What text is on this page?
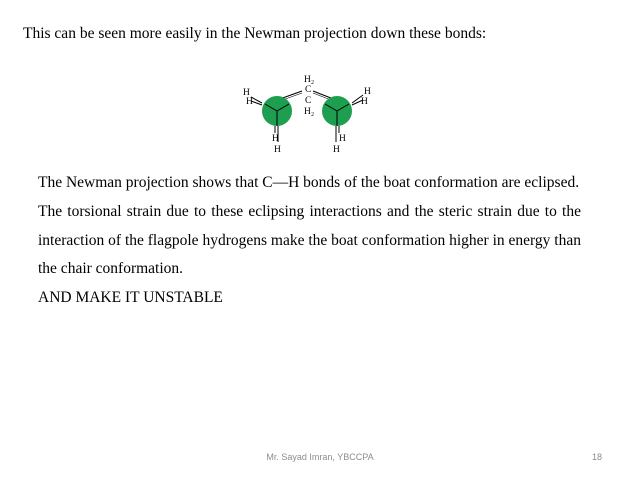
This can be seen more easily in the Newman projection down these bonds:
H₂
C
C
H₂
H
H
H
H
H
H
H
H

The Newman projection shows that C—H bonds of the boat conformation are eclipsed.

The torsional strain due to these eclipsing interactions and the steric strain due to the interaction of the flagpole hydrogens make the boat conformation higher in energy than the chair conformation.

AND MAKE IT UNSTABLE

Mr. Sayad Imran, YBCCPA	18
